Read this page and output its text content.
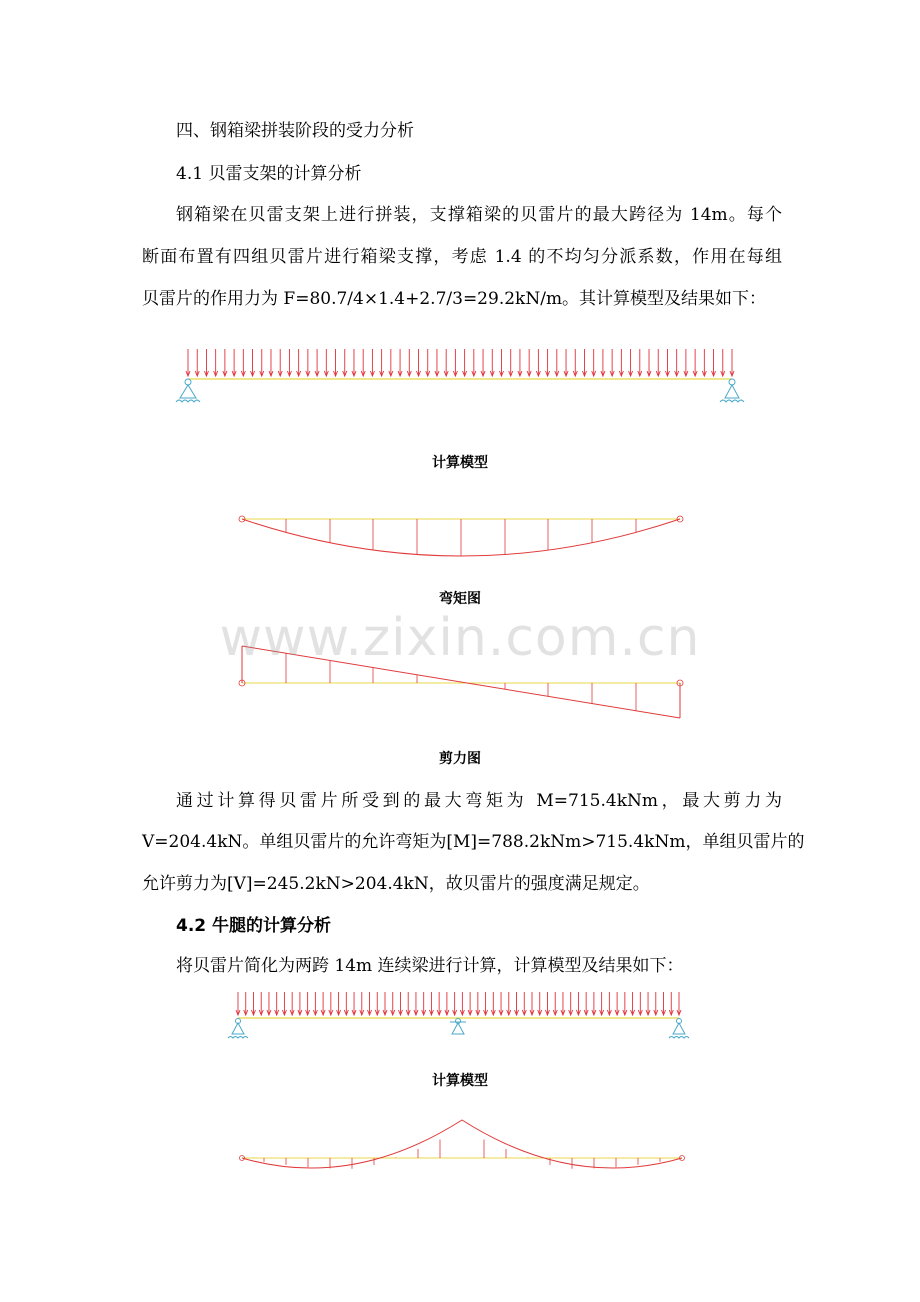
四、钢箱梁拼装阶段的受力分析
4.1 贝雷支架的计算分析
钢箱梁在贝雷支架上进行拼装，支撑箱梁的贝雷片的最大跨径为 14m。每个
断面布置有四组贝雷片进行箱梁支撑，考虑 1.4 的不均匀分派系数，作用在每组
贝雷片的作用力为 F=80.7/4×1.4+2.7/3=29.2kN/m。其计算模型及结果如下：
计算模型
弯矩图
剪力图
通过计算得贝雷片所受到的最大弯矩为 M=715.4kNm，最大剪力为
V=204.4kN。单组贝雷片的允许弯矩为[M]=788.2kNm>715.4kNm，单组贝雷片的
允许剪力为[V]=245.2kN>204.4kN，故贝雷片的强度满足规定。
4.2 牛腿的计算分析
将贝雷片简化为两跨 14m 连续梁进行计算，计算模型及结果如下：
计算模型
www.zixin.com.cn
